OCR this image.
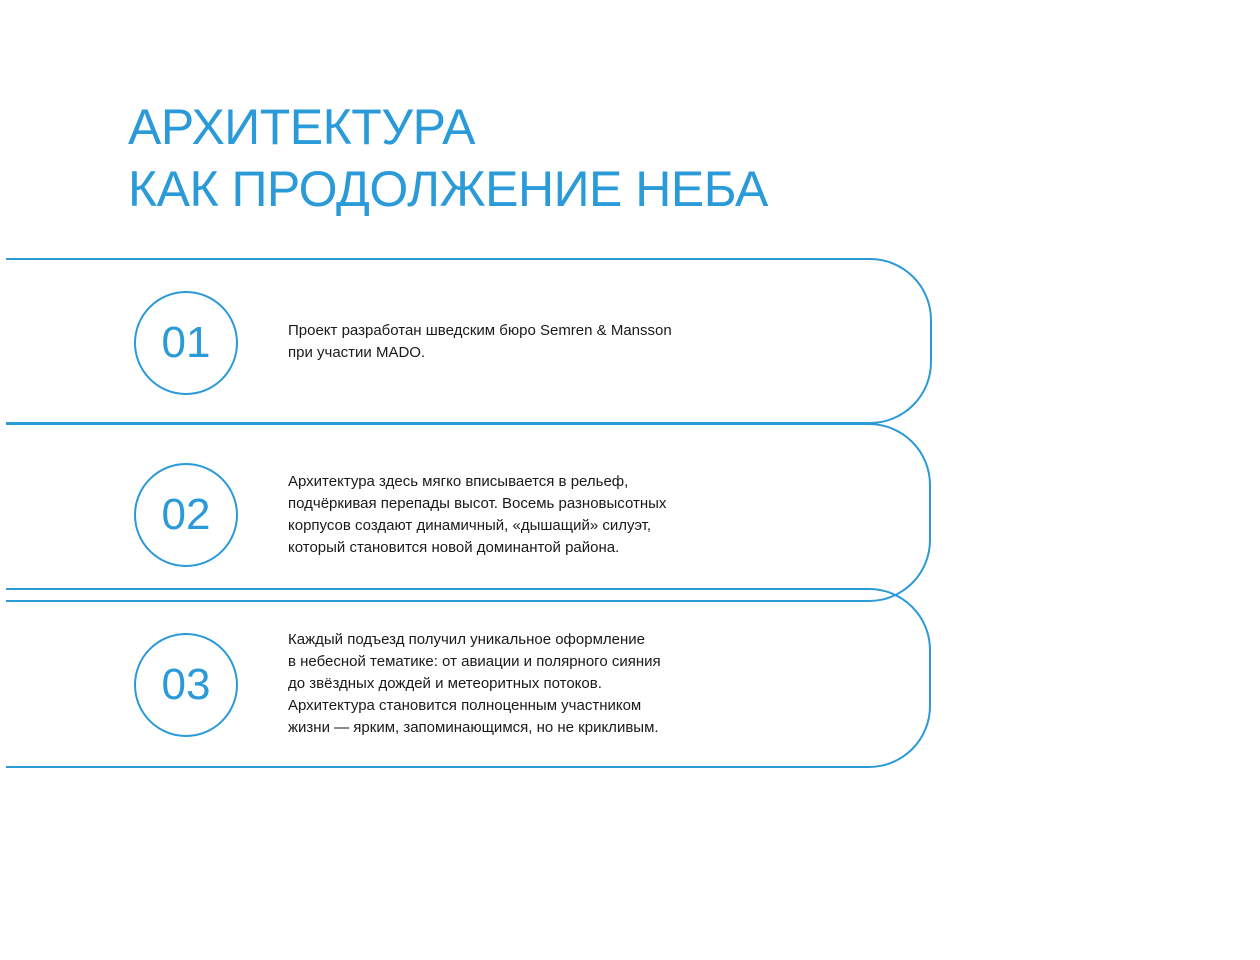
АРХИТЕКТУРА
КАК ПРОДОЛЖЕНИЕ НЕБА
01	Проект разработан шведским бюро Semren & Mansson
при участии MADO.

02

Архитектура здесь мягко вписывается в рельеф,
подчёркивая перепады высот. Восемь разновысотных
корпусов создают динамичный, «дышащий» силуэт,
который становится новой доминантой района.

03

Каждый подъезд получил уникальное оформление
в небесной тематике: от авиации и полярного сияния
до звёздных дождей и метеоритных потоков.
Архитектура становится полноценным участником
жизни — ярким, запоминающимся, но не крикливым.
